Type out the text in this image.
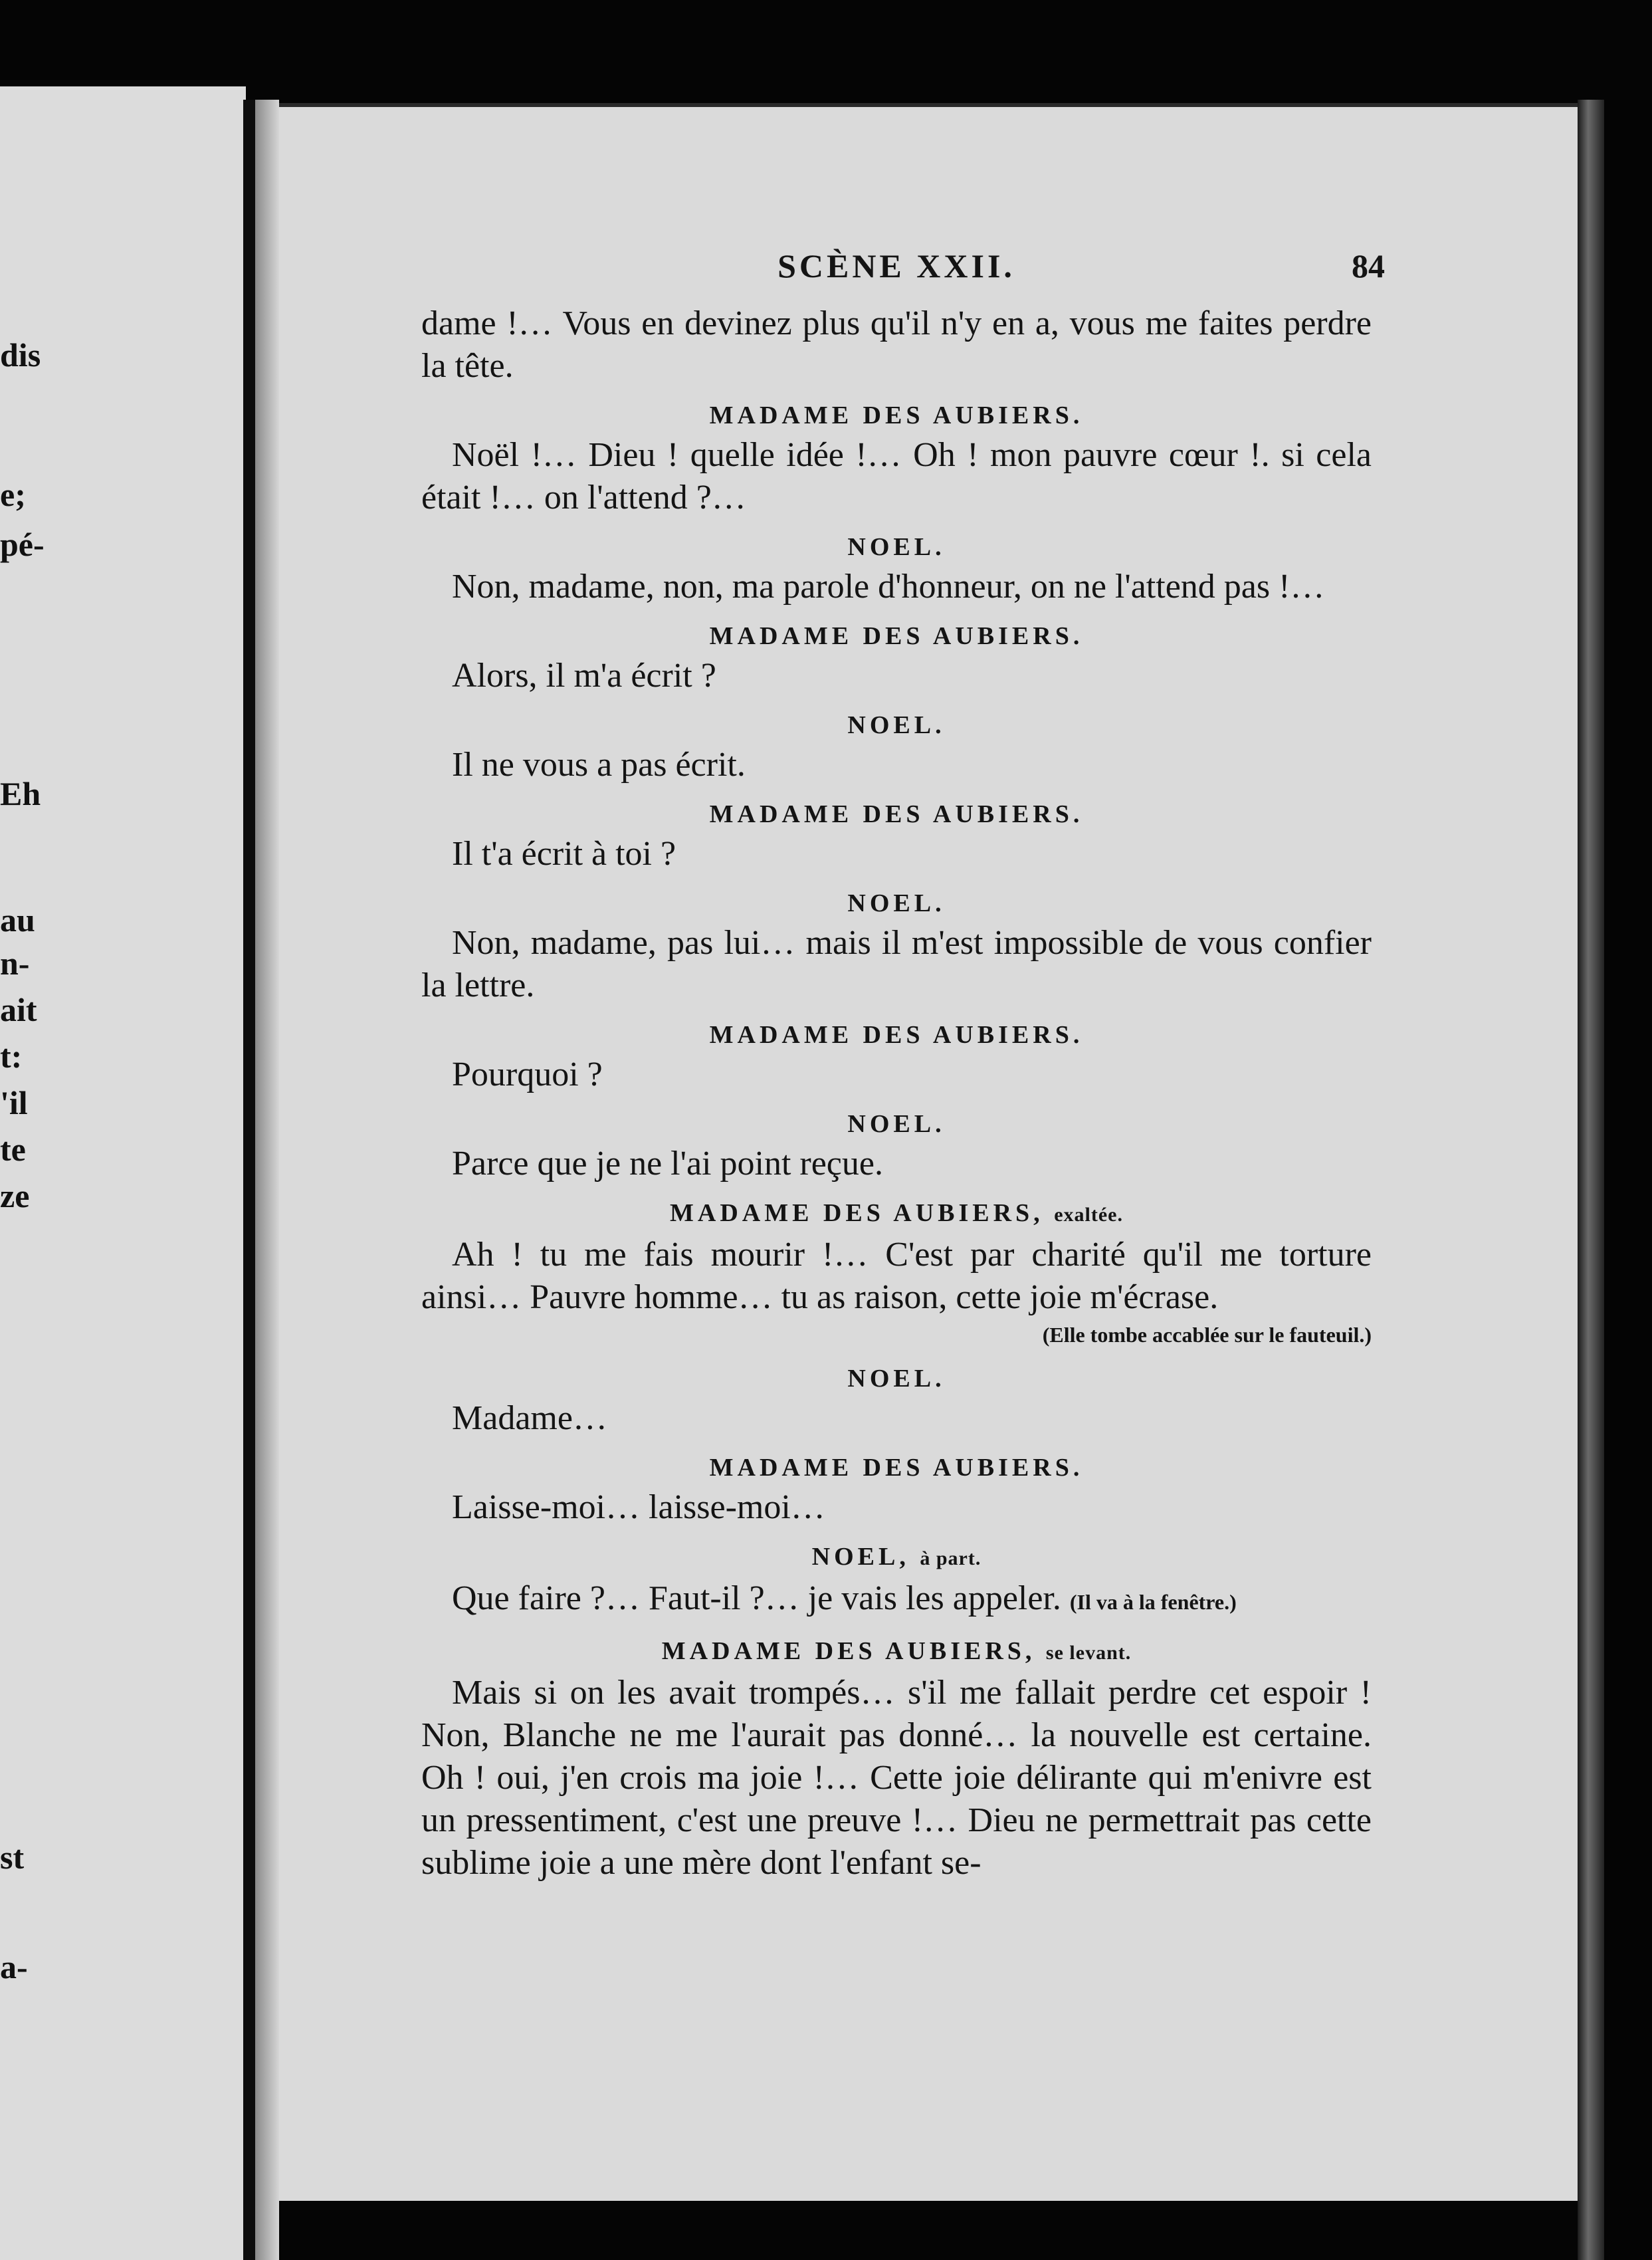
dis
e;
pé-
Eh
au
n-
ait
t:
'il
te
ze
st
a-
SCÈNE XXII.	84

dame !… Vous en devinez plus qu'il n'y en a, vous me faites perdre la tête.

MADAME DES AUBIERS.

Noël !… Dieu ! quelle idée !… Oh ! mon pauvre cœur !. si cela était !… on l'attend ?…

NOEL.

Non, madame, non, ma parole d'honneur, on ne l'attend pas !…

MADAME DES AUBIERS.

Alors, il m'a écrit ?

NOEL.

Il ne vous a pas écrit.

MADAME DES AUBIERS.

Il t'a écrit à toi ?

NOEL.

Non, madame, pas lui… mais il m'est impossible de vous confier la lettre.

MADAME DES AUBIERS.

Pourquoi ?

NOEL.

Parce que je ne l'ai point reçue.

MADAME DES AUBIERS, exaltée.

Ah ! tu me fais mourir !… C'est par charité qu'il me torture ainsi… Pauvre homme… tu as raison, cette joie m'écrase.

(Elle tombe accablée sur le fauteuil.)
NOEL.

Madame…

MADAME DES AUBIERS.

Laisse-moi… laisse-moi…

NOEL, à part.

Que faire ?… Faut-il ?… je vais les appeler. (Il va à la fenêtre.)

MADAME DES AUBIERS, se levant.

Mais si on les avait trompés… s'il me fallait perdre cet espoir ! Non, Blanche ne me l'aurait pas donné… la nouvelle est certaine. Oh ! oui, j'en crois ma joie !… Cette joie délirante qui m'enivre est un pressentiment, c'est une preuve !… Dieu ne permettrait pas cette sublime joie a une mère dont l'enfant se-
